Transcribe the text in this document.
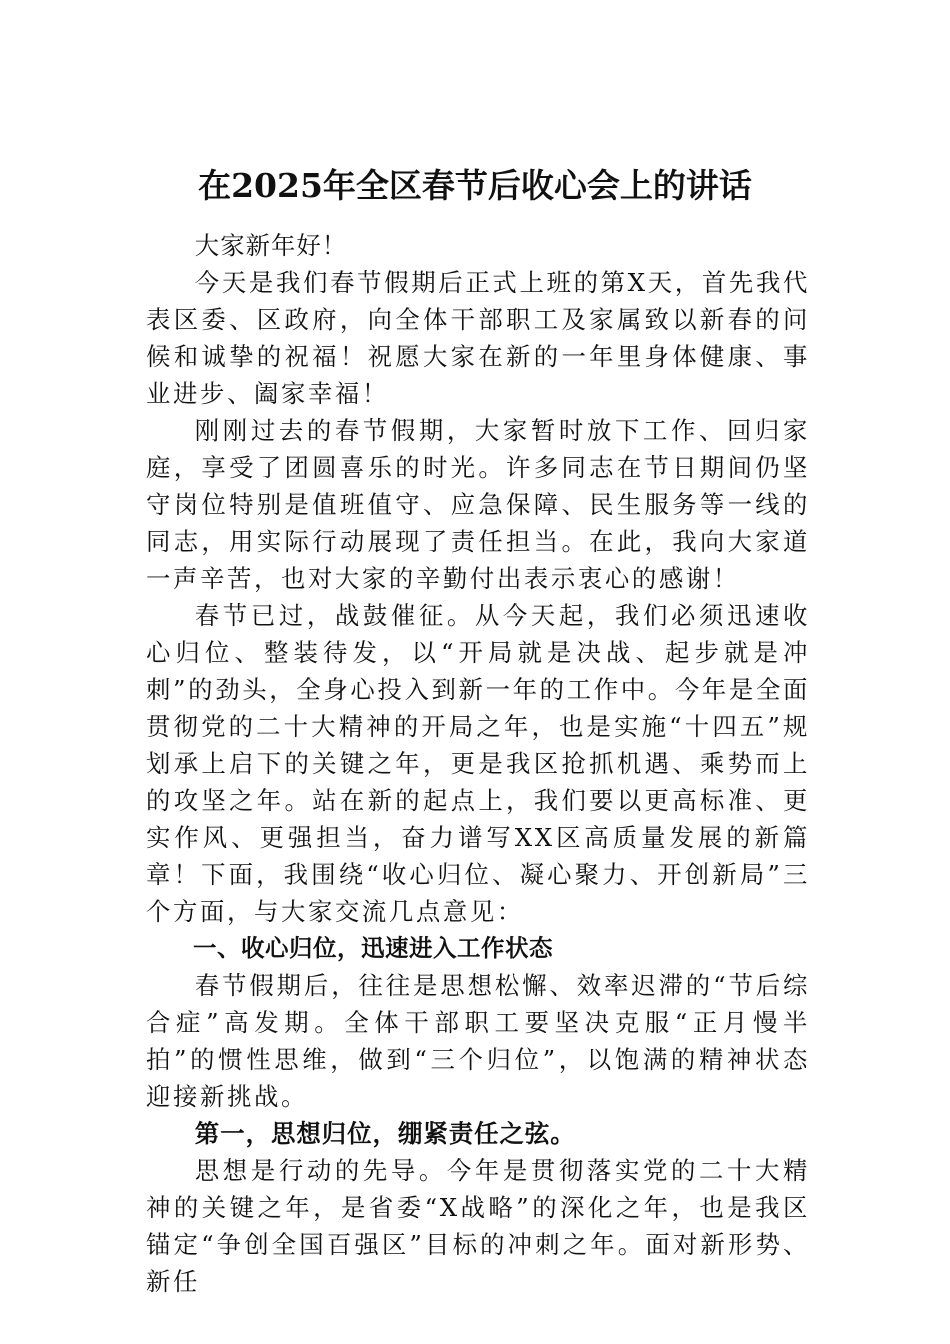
在2025年全区春节后收心会上的讲话

大家新年好！

今天是我们春节假期后正式上班的第X天，首先我代表区委、区政府，向全体干部职工及家属致以新春的问候和诚挚的祝福！祝愿大家在新的一年里身体健康、事业进步、阖家幸福！

刚刚过去的春节假期，大家暂时放下工作、回归家庭，享受了团圆喜乐的时光。许多同志在节日期间仍坚守岗位特别是值班值守、应急保障、民生服务等一线的同志，用实际行动展现了责任担当。在此，我向大家道一声辛苦，也对大家的辛勤付出表示衷心的感谢！

春节已过，战鼓催征。从今天起，我们必须迅速收心归位、整装待发，以“开局就是决战、起步就是冲刺”的劲头，全身心投入到新一年的工作中。今年是全面贯彻党的二十大精神的开局之年，也是实施“十四五”规划承上启下的关键之年，更是我区抢抓机遇、乘势而上的攻坚之年。站在新的起点上，我们要以更高标准、更实作风、更强担当，奋力谱写XX区高质量发展的新篇章！下面，我围绕“收心归位、凝心聚力、开创新局”三个方面，与大家交流几点意见：

一、收心归位，迅速进入工作状态

春节假期后，往往是思想松懈、效率迟滞的“节后综合症”高发期。全体干部职工要坚决克服“正月慢半拍”的惯性思维，做到“三个归位”，以饱满的精神状态迎接新挑战。

第一，思想归位，绷紧责任之弦。

思想是行动的先导。今年是贯彻落实党的二十大精神的关键之年，是省委“X战略”的深化之年，也是我区锚定“争创全国百强区”目标的冲刺之年。面对新形势、新任
